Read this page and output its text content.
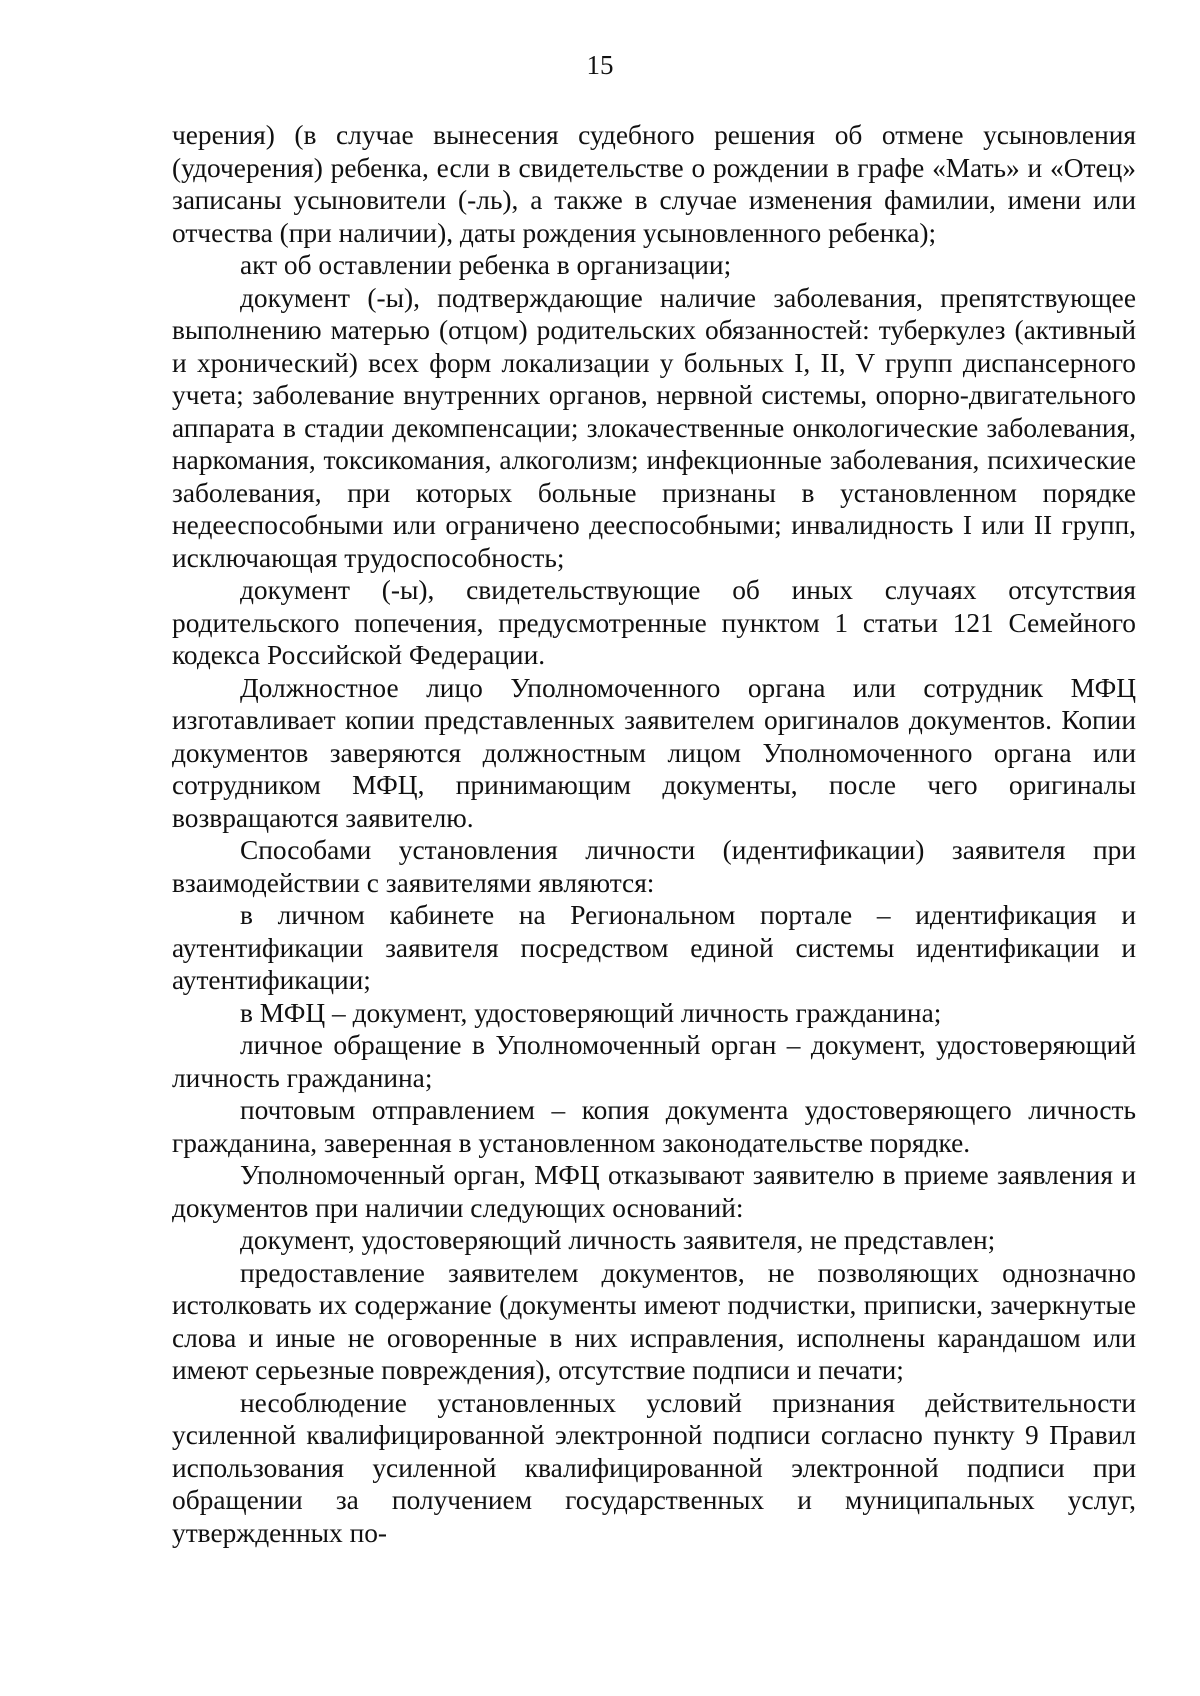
15

черения) (в случае вынесения судебного решения об отмене усыновления (удочерения) ребенка, если в свидетельстве о рождении в графе «Мать» и «Отец» записаны усыновители (-ль), а также в случае изменения фамилии, имени или отчества (при наличии), даты рождения усыновленного ребенка);

акт об оставлении ребенка в организации;

документ (-ы), подтверждающие наличие заболевания, препятствующее выполнению матерью (отцом) родительских обязанностей: туберкулез (активный и хронический) всех форм локализации у больных I, II, V групп диспансерного учета; заболевание внутренних органов, нервной системы, опорно-двигательного аппарата в стадии декомпенсации; злокачественные онкологические заболевания, наркомания, токсикомания, алкоголизм; инфекционные заболевания, психические заболевания, при которых больные признаны в установленном порядке недееспособными или ограничено дееспособными; инвалидность I или II групп, исключающая трудоспособность;

документ (-ы), свидетельствующие об иных случаях отсутствия родительского попечения, предусмотренные пунктом 1 статьи 121 Семейного кодекса Российской Федерации.

Должностное лицо Уполномоченного органа или сотрудник МФЦ изготавливает копии представленных заявителем оригиналов документов. Копии документов заверяются должностным лицом Уполномоченного органа или сотрудником МФЦ, принимающим документы, после чего оригиналы возвращаются заявителю.

Способами установления личности (идентификации) заявителя при взаимодействии с заявителями являются:

в личном кабинете на Региональном портале – идентификация и аутентификации заявителя посредством единой системы идентификации и аутентификации;

в МФЦ – документ, удостоверяющий личность гражданина;

личное обращение в Уполномоченный орган – документ, удостоверяющий личность гражданина;

почтовым отправлением – копия документа удостоверяющего личность гражданина, заверенная в установленном законодательстве порядке.

Уполномоченный орган, МФЦ отказывают заявителю в приеме заявления и документов при наличии следующих оснований:

документ, удостоверяющий личность заявителя, не представлен;

предоставление заявителем документов, не позволяющих однозначно истолковать их содержание (документы имеют подчистки, приписки, зачеркнутые слова и иные не оговоренные в них исправления, исполнены карандашом или имеют серьезные повреждения), отсутствие подписи и печати;

несоблюдение установленных условий признания действительности усиленной квалифицированной электронной подписи согласно пункту 9 Правил использования усиленной квалифицированной электронной подписи при обращении за получением государственных и муниципальных услуг, утвержденных по-
